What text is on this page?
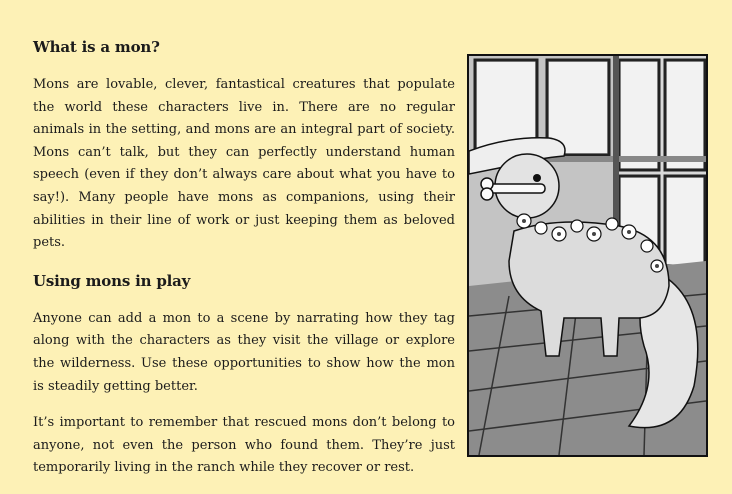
What is a mon?

Mons are lovable, clever, fantastical creatures that populate the world these characters live in. There are no regular animals in the setting, and mons are an integral part of society. Mons can’t talk, but they can perfectly understand human speech (even if they don’t always care about what you have to say!). Many people have mons as companions, using their abilities in their line of work or just keeping them as beloved pets.

Using mons in play

Anyone can add a mon to a scene by narrating how they tag along with the characters as they visit the village or explore the wilderness. Use these opportunities to show how the mon is steadily getting better.

It’s important to remember that rescued mons don’t belong to anyone, not even the person who found them. They’re just temporarily living in the ranch while they recover or rest.
